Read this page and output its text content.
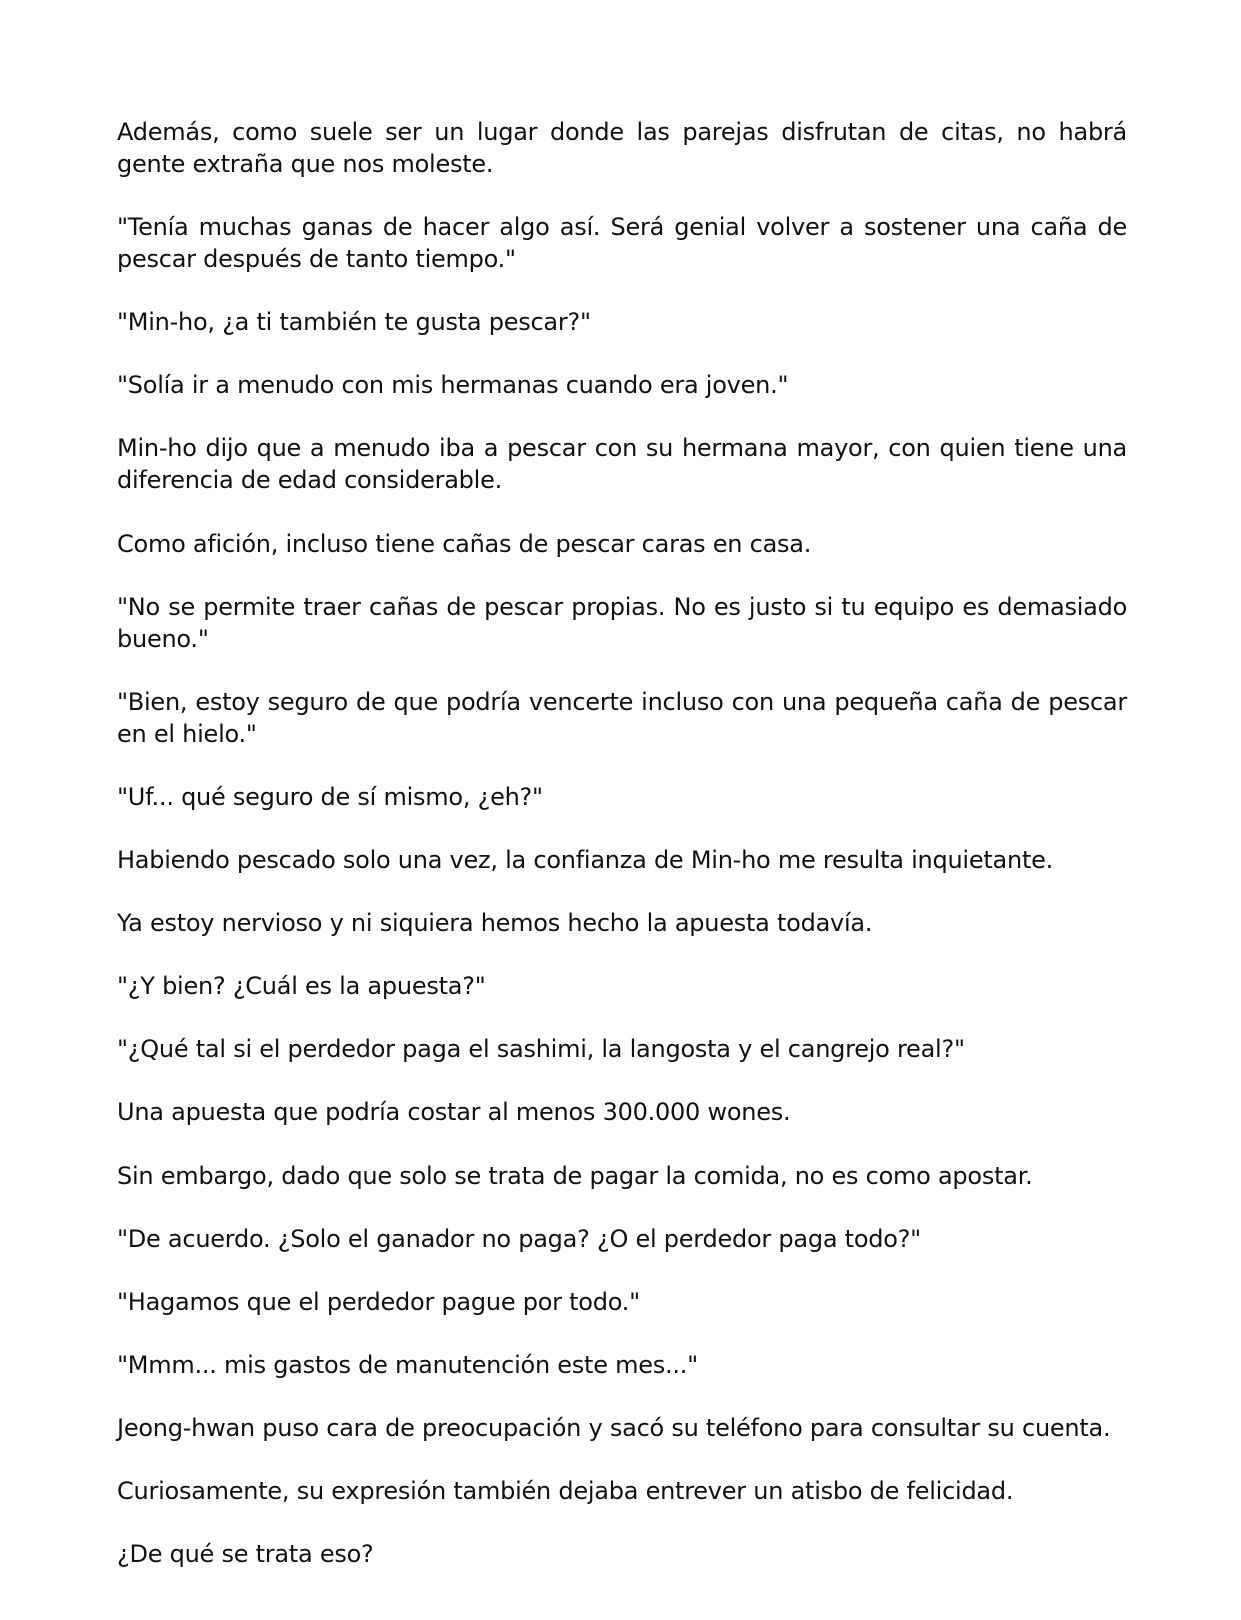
Además, como suele ser un lugar donde las parejas disfrutan de citas, no habrá gente extraña que nos moleste.

"Tenía muchas ganas de hacer algo así. Será genial volver a sostener una caña de pescar después de tanto tiempo."

"Min-ho, ¿a ti también te gusta pescar?"

"Solía ir a menudo con mis hermanas cuando era joven."

Min-ho dijo que a menudo iba a pescar con su hermana mayor, con quien tiene una diferencia de edad considerable.

Como afición, incluso tiene cañas de pescar caras en casa.

"No se permite traer cañas de pescar propias. No es justo si tu equipo es demasiado bueno."

"Bien, estoy seguro de que podría vencerte incluso con una pequeña caña de pescar en el hielo."

"Uf... qué seguro de sí mismo, ¿eh?"

Habiendo pescado solo una vez, la confianza de Min-ho me resulta inquietante.

Ya estoy nervioso y ni siquiera hemos hecho la apuesta todavía.

"¿Y bien? ¿Cuál es la apuesta?"

"¿Qué tal si el perdedor paga el sashimi, la langosta y el cangrejo real?"

Una apuesta que podría costar al menos 300.000 wones.

Sin embargo, dado que solo se trata de pagar la comida, no es como apostar.

"De acuerdo. ¿Solo el ganador no paga? ¿O el perdedor paga todo?"

"Hagamos que el perdedor pague por todo."

"Mmm... mis gastos de manutención este mes..."

Jeong-hwan puso cara de preocupación y sacó su teléfono para consultar su cuenta.

Curiosamente, su expresión también dejaba entrever un atisbo de felicidad.

¿De qué se trata eso?
